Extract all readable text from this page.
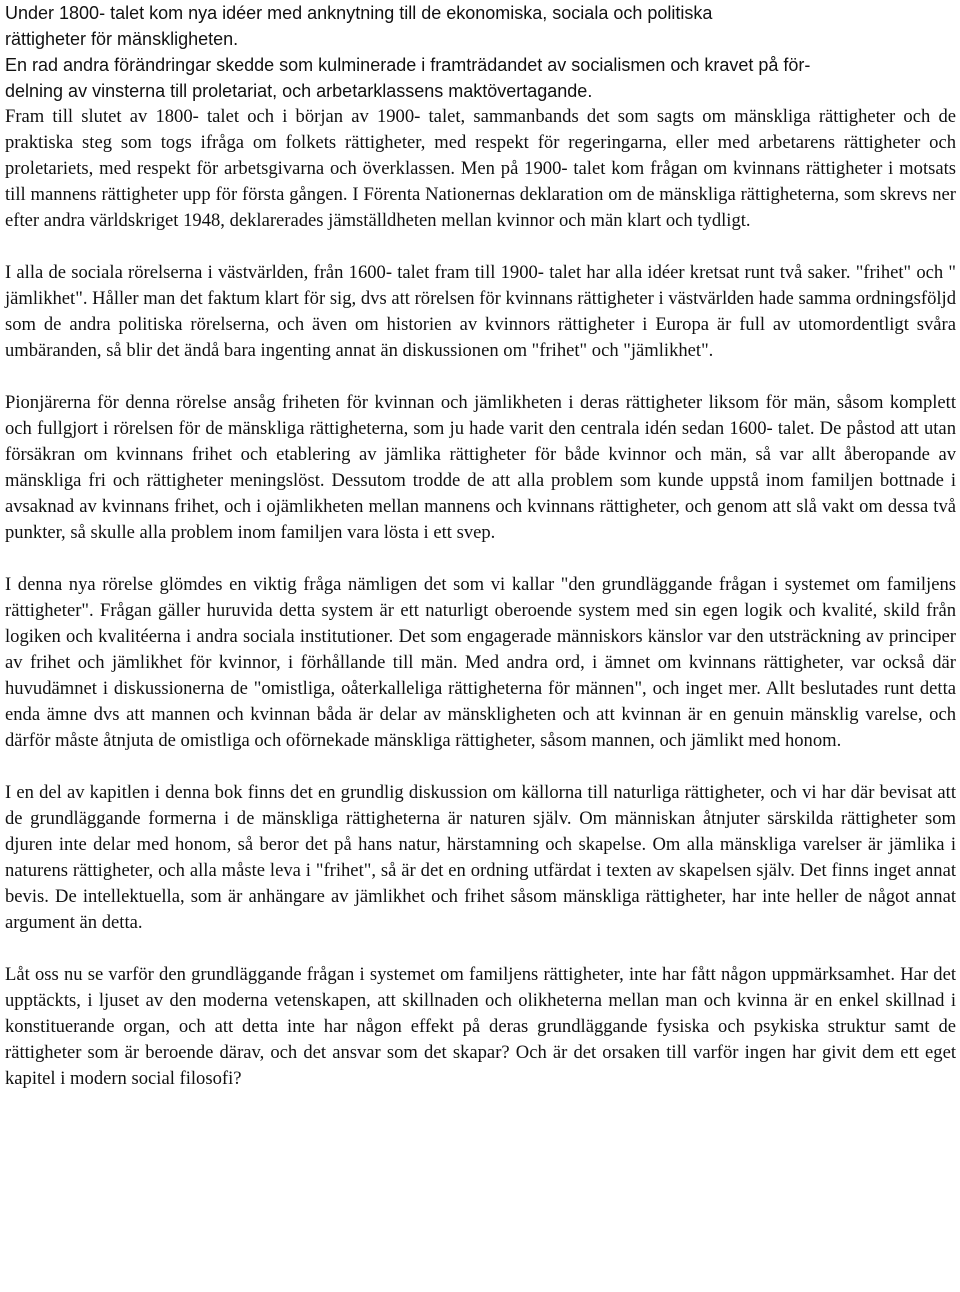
Under 1800- talet kom nya idéer med anknytning till de ekonomiska, sociala och politiska
rättigheter för mänskligheten.
En rad andra förändringar skedde som kulminerade i framträdandet av socialismen och kravet på för-
delning av vinsterna till proletariat, och arbetarklassens maktövertagande.

Fram till slutet av 1800- talet och i början av 1900- talet, sammanbands det som sagts om mänskliga rättigheter och de praktiska steg som togs ifråga om folkets rättigheter, med respekt för regeringarna, eller med arbetarens rättigheter och proletariets, med respekt för arbetsgivarna och överklassen. Men på 1900- talet kom frågan om kvinnans rättigheter i motsats till mannens rättigheter upp för första gången. I Förenta Nationernas deklaration om de mänskliga rättigheterna, som skrevs ner efter andra världskriget 1948, deklarerades jämställdheten mellan kvinnor och män klart och tydligt.

I alla de sociala rörelserna i västvärlden, från 1600- talet fram till 1900- talet har alla idéer kretsat runt två saker. "frihet" och " jämlikhet". Håller man det faktum klart för sig, dvs att rörelsen för kvinnans rättigheter i västvärlden hade samma ordningsföljd som de andra politiska rörelserna, och även om historien av kvinnors rättigheter i Europa är full av utomordentligt svåra umbäranden, så blir det ändå bara ingenting annat än diskussionen om "frihet" och "jämlikhet".

Pionjärerna för denna rörelse ansåg friheten för kvinnan och jämlikheten i deras rättigheter liksom för män, såsom komplett och fullgjort i rörelsen för de mänskliga rättigheterna, som ju hade varit den centrala idén sedan 1600- talet. De påstod att utan försäkran om kvinnans frihet och etablering av jämlika rättigheter för både kvinnor och män, så var allt åberopande av mänskliga fri och rättigheter meningslöst. Dessutom trodde de att alla problem som kunde uppstå inom familjen bottnade i avsaknad av kvinnans frihet, och i ojämlikheten mellan mannens och kvinnans rättigheter, och genom att slå vakt om dessa två punkter, så skulle alla problem inom familjen vara lösta i ett svep.

I denna nya rörelse glömdes en viktig fråga nämligen det som vi kallar "den grundläggande frågan i systemet om familjens rättigheter". Frågan gäller huruvida detta system är ett naturligt oberoende system med sin egen logik och kvalité, skild från logiken och kvalitéerna i andra sociala institutioner. Det som engagerade människors känslor var den utsträckning av principer av frihet och jämlikhet för kvinnor, i förhållande till män. Med andra ord, i ämnet om kvinnans rättigheter, var också där huvudämnet i diskussionerna de "omistliga, oåterkalleliga rättigheterna för männen", och inget mer. Allt beslutades runt detta enda ämne dvs att mannen och kvinnan båda är delar av mänskligheten och att kvinnan är en genuin mänsklig varelse, och därför måste åtnjuta de omistliga och oförnekade mänskliga rättigheter, såsom mannen, och jämlikt med honom.

I en del av kapitlen i denna bok finns det en grundlig diskussion om källorna till naturliga rättigheter, och vi har där bevisat att de grundläggande formerna i de mänskliga rättigheterna är naturen själv. Om människan åtnjuter särskilda rättigheter som djuren inte delar med honom, så beror det på hans natur, härstamning och skapelse. Om alla mänskliga varelser är jämlika i naturens rättigheter, och alla måste leva i "frihet", så är det en ordning utfärdat i texten av skapelsen själv. Det finns inget annat bevis. De intellektuella, som är anhängare av jämlikhet och frihet såsom mänskliga rättigheter, har inte heller de något annat argument än detta.

Låt oss nu se varför den grundläggande frågan i systemet om familjens rättigheter, inte har fått någon uppmärksamhet. Har det upptäckts, i ljuset av den moderna vetenskapen, att skillnaden och olikheterna mellan man och kvinna är en enkel skillnad i konstituerande organ, och att detta inte har någon effekt på deras grundläggande fysiska och psykiska struktur samt de rättigheter som är beroende därav, och det ansvar som det skapar? Och är det orsaken till varför ingen har givit dem ett eget kapitel i modern social filosofi?
